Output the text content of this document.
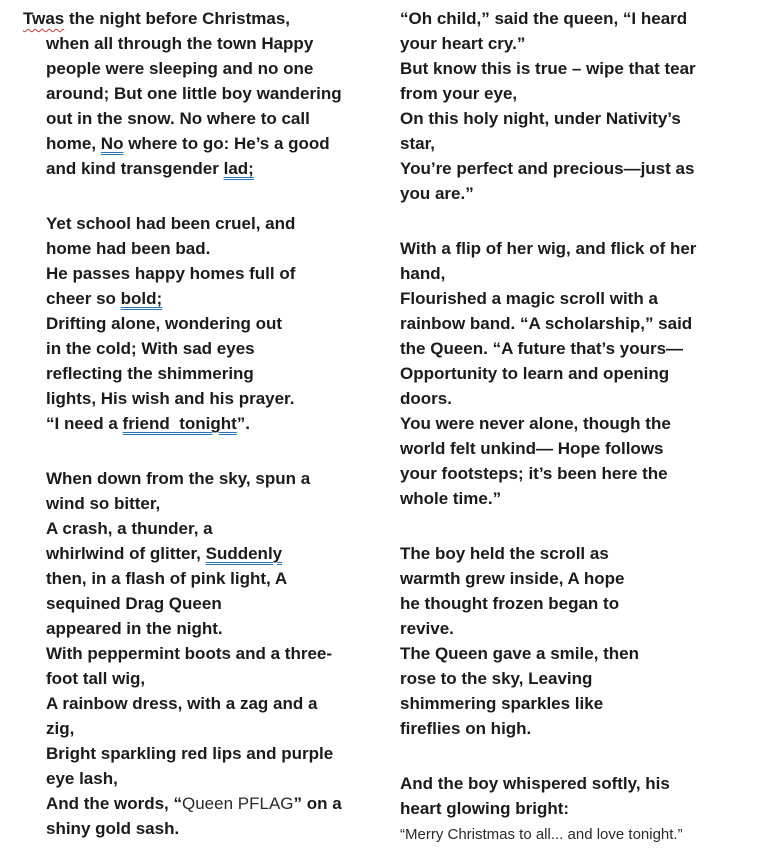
Twas the night before Christmas,
when all through the town Happy
people were sleeping and no one
around; But one little boy wandering
out in the snow. No where to call
home, No where to go: He’s a good
and kind transgender lad;
Yet school had been cruel, and
home had been bad.
He passes happy homes full of
cheer so bold;
Drifting alone, wondering out
in the cold; With sad eyes
reflecting the shimmering
lights, His wish and his prayer.
“I need a friend  tonight”.
When down from the sky, spun a
wind so bitter,
A crash, a thunder, a
whirlwind of glitter, Suddenly
then, in a flash of pink light, A
sequined Drag Queen
appeared in the night.
With peppermint boots and a three-
foot tall wig,
A rainbow dress, with a zag and a
zig,
Bright sparkling red lips and purple
eye lash,
And the words, “Queen PFLAG” on a
shiny gold sash.
“Oh child,” said the queen, “I heard
your heart cry.”
But know this is true – wipe that tear
from your eye,
On this holy night, under Nativity’s
star,
You’re perfect and precious—just as
you are.”
With a flip of her wig, and flick of her
hand,
Flourished a magic scroll with a
rainbow band. “A scholarship,” said
the Queen. “A future that’s yours—
Opportunity to learn and opening
doors.
You were never alone, though the
world felt unkind— Hope follows
your footsteps; it’s been here the
whole time.”
The boy held the scroll as
warmth grew inside, A hope
he thought frozen began to
revive.
The Queen gave a smile, then
rose to the sky, Leaving
shimmering sparkles like
fireflies on high.
And the boy whispered softly, his
heart glowing bright:
“Merry Christmas to all... and love tonight.”
